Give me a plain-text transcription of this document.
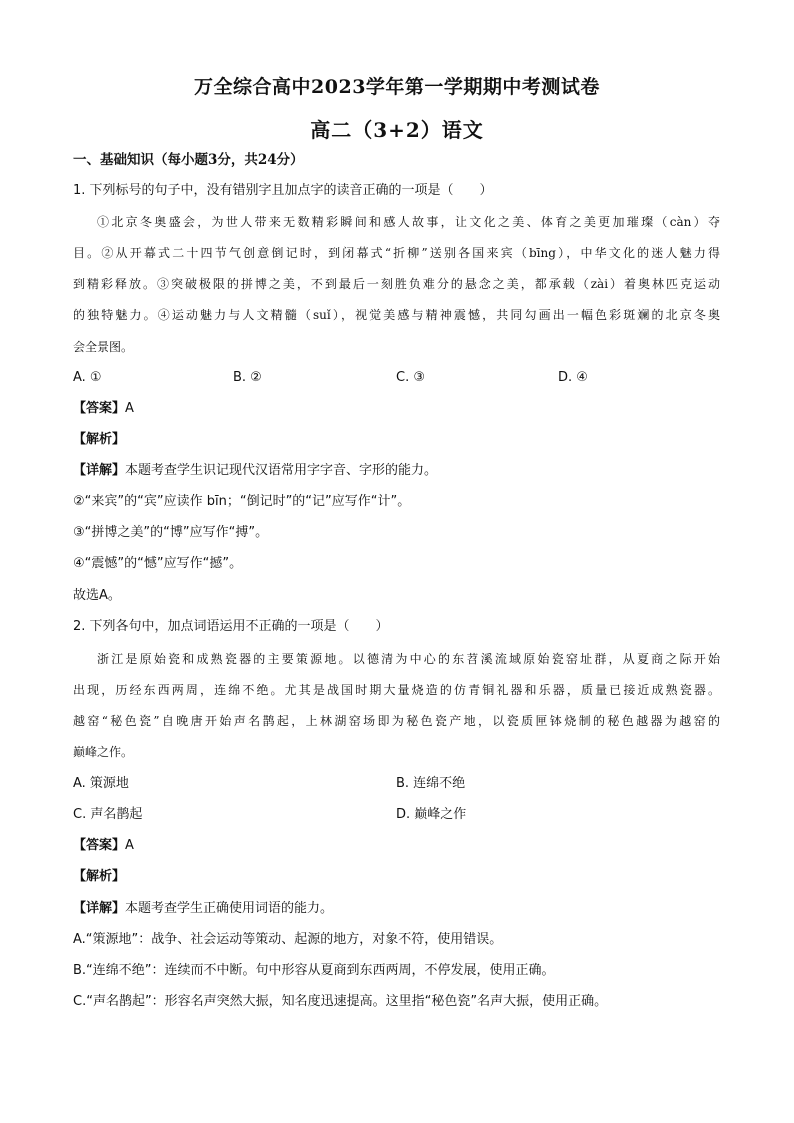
万全综合高中2023学年第一学期期中考测试卷
高二（3+2）语文
一、基础知识（每小题3分，共24分）
1. 下列标号的句子中，没有错别字且加点字的读音正确的一项是（　　）
①北京冬奥盛会，为世人带来无数精彩瞬间和感人故事，让文化之美、体育之美更加璀璨（càn）夺
目。②从开幕式二十四节气创意倒记时，到闭幕式“折柳”送别各国来宾（bīng），中华文化的迷人魅力得
到精彩释放。③突破极限的拼博之美，不到最后一刻胜负难分的悬念之美，都承载（zài）着奥林匹克运动
的独特魅力。④运动魅力与人文精髓（suǐ），视觉美感与精神震憾，共同勾画出一幅色彩斑斓的北京冬奥
会全景图。
A. ①	B. ②	C. ③	D. ④
【答案】A
【解析】
【详解】本题考查学生识记现代汉语常用字字音、字形的能力。
②“来宾”的“宾”应读作 bīn；“倒记时”的“记”应写作“计”。
③“拼博之美”的“博”应写作“搏”。
④“震憾”的“憾”应写作“撼”。
故选A。
2. 下列各句中，加点词语运用不正确的一项是（　　）
浙江是原始瓷和成熟瓷器的主要策源地。以德清为中心的东苕溪流域原始瓷窑址群，从夏商之际开始
出现，历经东西两周，连绵不绝。尤其是战国时期大量烧造的仿青铜礼器和乐器，质量已接近成熟瓷器。
越窑“秘色瓷”自晚唐开始声名鹊起，上林湖窑场即为秘色瓷产地，以瓷质匣钵烧制的秘色越器为越窑的
巅峰之作。
A. 策源地	B. 连绵不绝
C. 声名鹊起	D. 巅峰之作
【答案】A
【解析】
【详解】本题考查学生正确使用词语的能力。
A.“策源地”：战争、社会运动等策动、起源的地方，对象不符，使用错误。
B.“连绵不绝”：连续而不中断。句中形容从夏商到东西两周，不停发展，使用正确。
C.“声名鹊起”：形容名声突然大振，知名度迅速提高。这里指“秘色瓷”名声大振，使用正确。
